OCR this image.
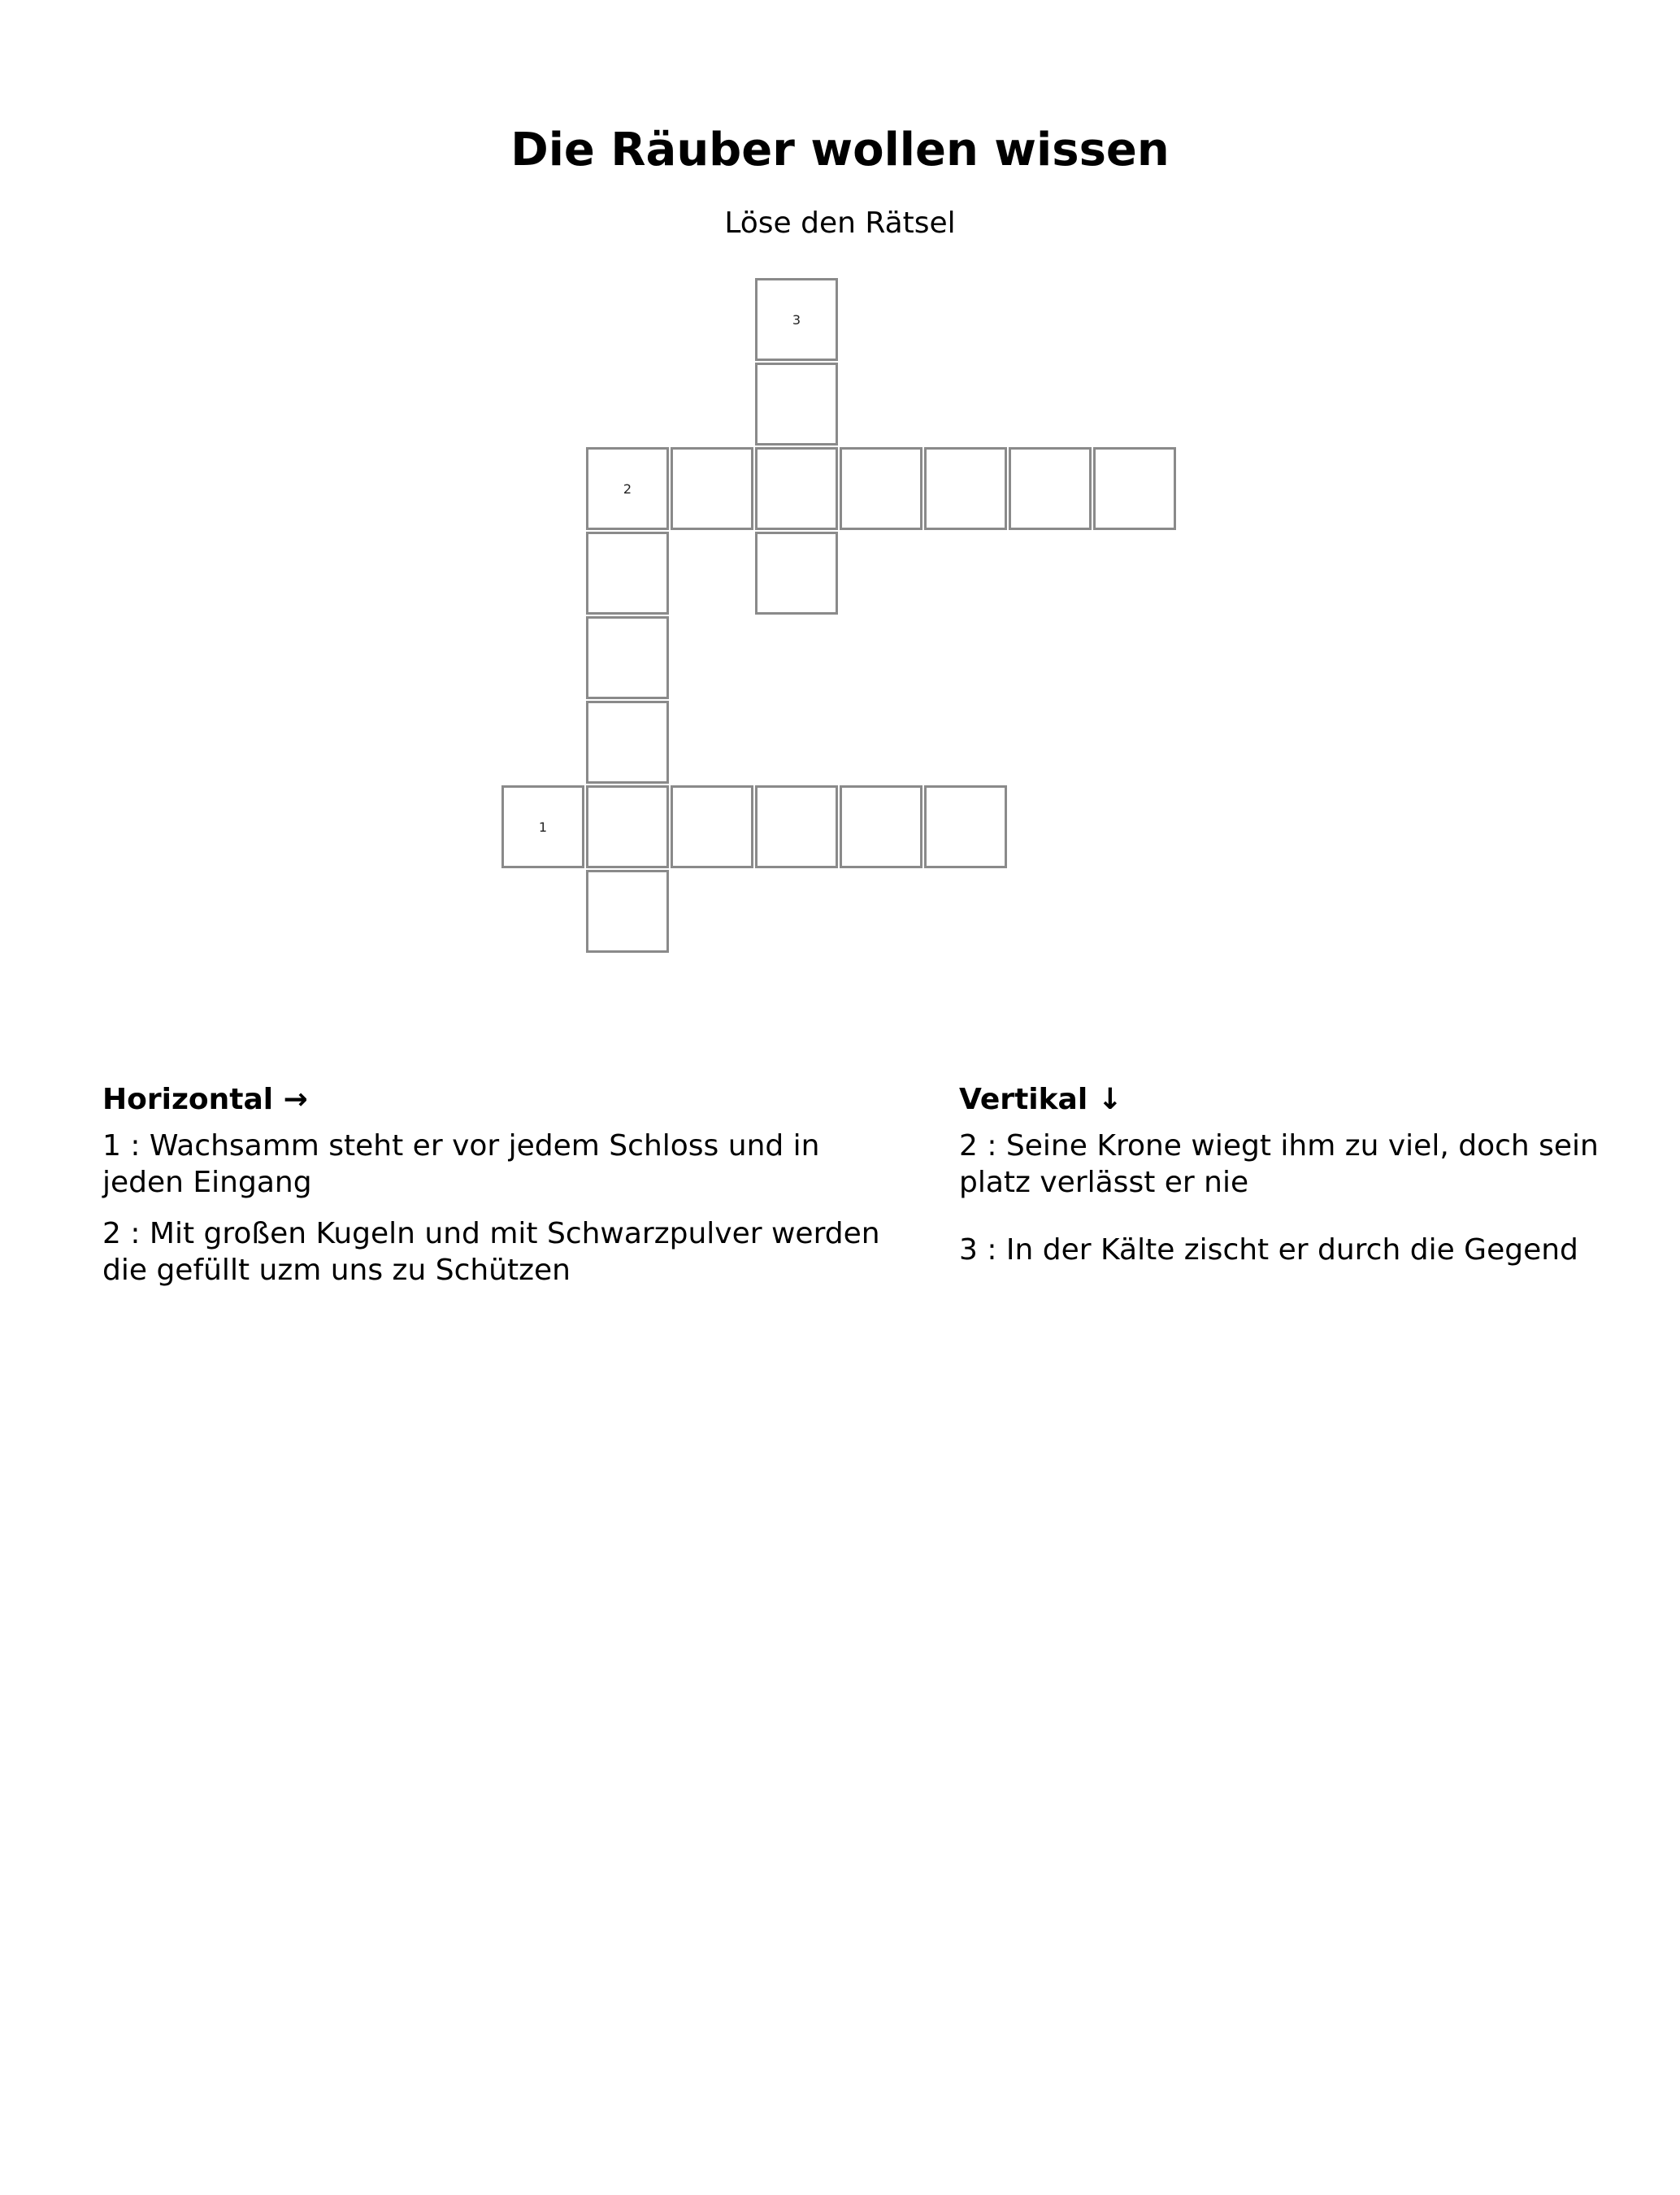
Die Räuber wollen wissen
Löse den Rätsel
3
2
1
Horizontal →
1 : Wachsamm steht er vor jedem Schloss und in jeden Eingang
2 : Mit großen Kugeln und mit Schwarzpulver werden die gefüllt uzm uns zu Schützen
Vertikal ↓
2 : Seine Krone wiegt ihm zu viel, doch sein platz verlässt er nie
3 : In der Kälte zischt er durch die Gegend
